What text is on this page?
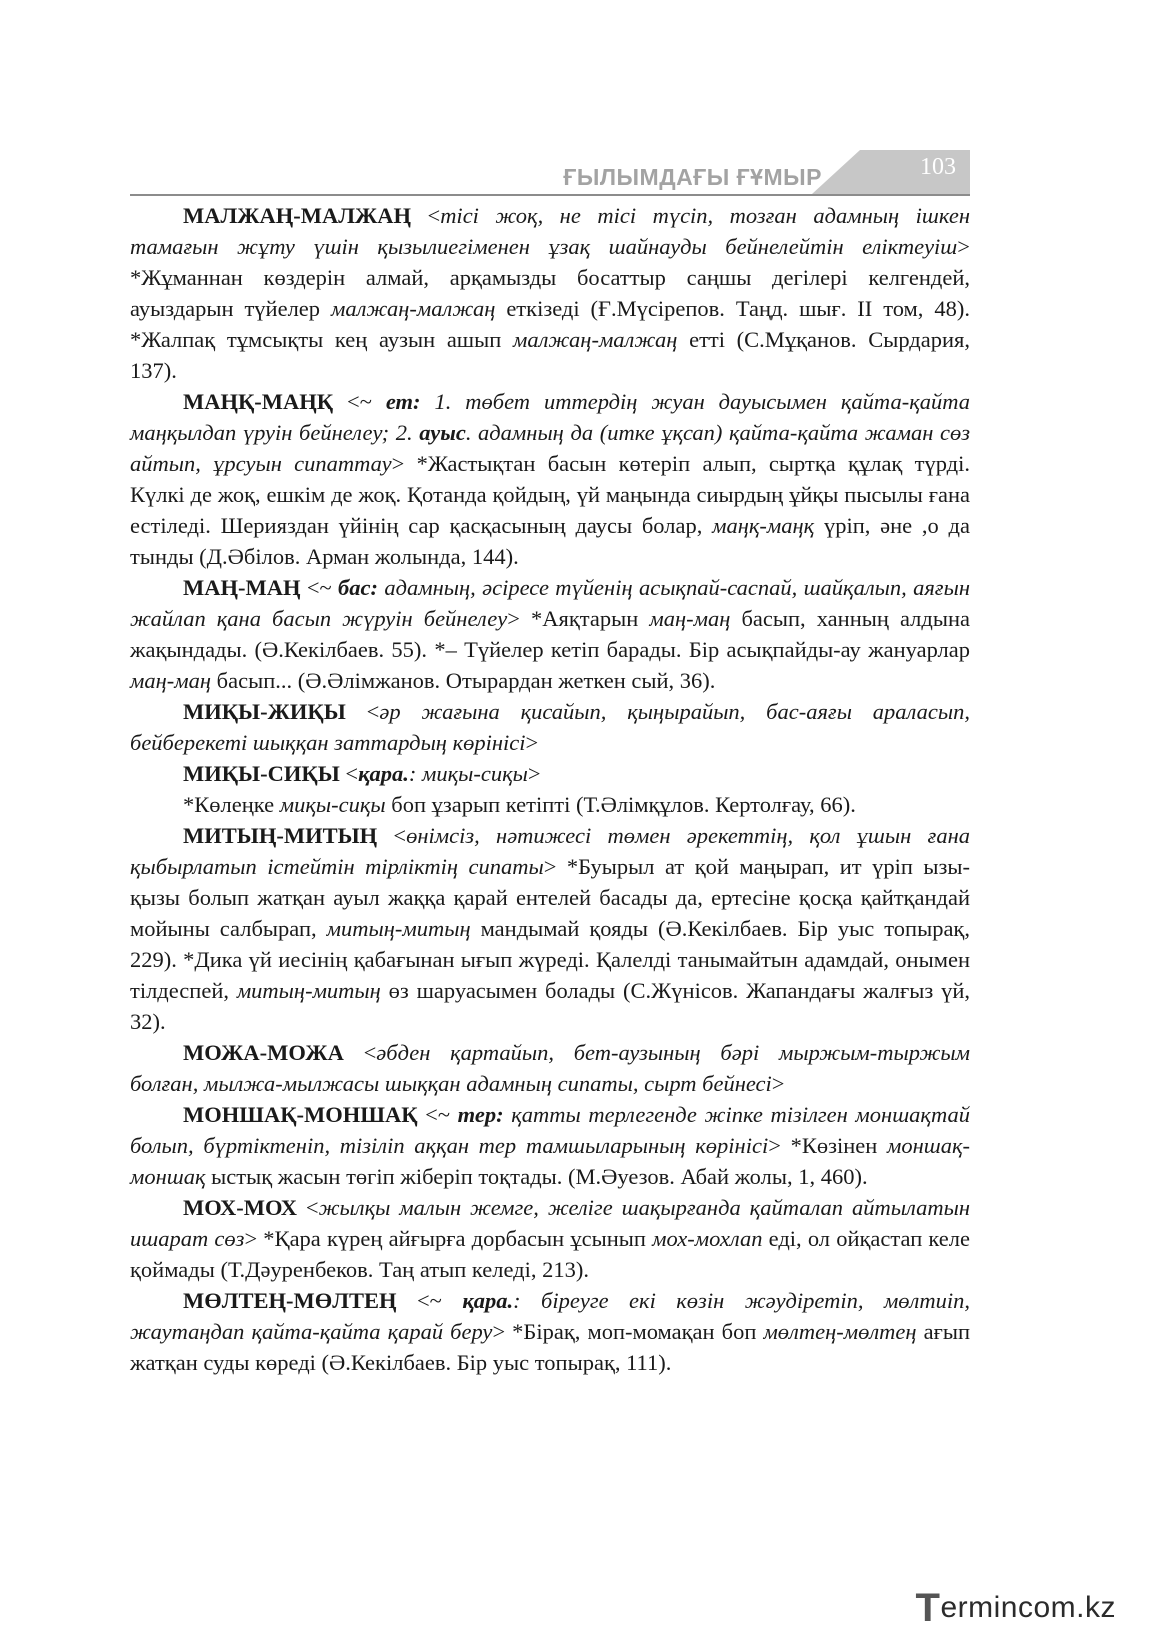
ҒЫЛЫМДАҒЫ ҒҰМЫР	103

МАЛЖАҢ-МАЛЖАҢ <тісі жоқ, не тісі түсіп, тозған адамның ішкен тамағын жұту үшін қызылиегіменен ұзақ шайнауды бейнелейтін еліктеуіш> *Жұманнан көздерін алмай, арқамызды босаттыр саңшы дегілері келгендей, ауыздарын түйелер малжаң-малжаң еткізеді (Ғ.Мүсірепов. Таңд. шығ. ІІ том, 48). *Жалпақ тұмсықты кең аузын ашып малжаң-малжаң етті (С.Мұқанов. Сырдария, 137).

МАҢҚ-МАҢҚ <~ ет: 1. төбет иттердің жуан дауысымен қайта-қайта маңқылдап үруін бейнелеу; 2. ауыс. адамның да (итке ұқсап) қайта-қайта жаман сөз айтып, ұрсуын сипаттау> *Жастықтан басын көтеріп алып, сыртқа құлақ түрді. Күлкі де жоқ, ешкім де жоқ. Қотанда қойдың, үй маңында сиырдың ұйқы пысылы ғана естіледі. Шерияздан үйінің сар қасқасының даусы болар, маңқ-маңқ үріп, әне ,о да тынды (Д.Әбілов. Арман жолында, 144).

МАҢ-МАҢ <~ бас: адамның, әсіресе түйенің асықпай-саспай, шайқалып, аяғын жайлап қана басып жүруін бейнелеу> *Аяқтарын маң-маң басып, ханның алдына жақындады. (Ә.Кекілбаев. 55). *– Түйелер кетіп барады. Бір асықпайды-ау жануарлар маң-маң басып... (Ә.Әлімжанов. Отырардан жеткен сый, 36).

МИҚЫ-ЖИҚЫ <әр жағына қисайып, қыңырайып, бас-аяғы араласып, бейберекеті шыққан заттардың көрінісі>

МИҚЫ-СИҚЫ <қара.: миқы-сиқы>

*Көлеңке миқы-сиқы боп ұзарып кетіпті (Т.Әлімқұлов. Кертолғау, 66).

МИТЫҢ-МИТЫҢ <өнімсіз, нәтижесі төмен әрекеттің, қол ұшын ғана қыбырлатып істейтін тірліктің сипаты> *Буырыл ат қой маңырап, ит үріп ызы-қызы болып жатқан ауыл жаққа қарай ентелей басады да, ертесіне қосқа қайтқандай мойыны салбырап, митың-митың мандымай қояды (Ә.Кекілбаев. Бір уыс топырақ, 229). *Дика үй иесінің қабағынан ығып жүреді. Қалелді танымайтын адамдай, онымен тілдеспей, митың-митың өз шаруасымен болады (С.Жүнісов. Жапандағы жалғыз үй, 32).

МОЖА-МОЖА <әбден қартайып, бет-аузының бәрі мыржым-тыржым болған, мылжа-мылжасы шыққан адамның сипаты, сырт бейнесі>

МОНШАҚ-МОНШАҚ <~ тер: қатты терлегенде жіпке тізілген моншақтай болып, бүртіктеніп, тізіліп аққан тер тамшыларының көрінісі> *Көзінен моншақ-моншақ ыстық жасын төгіп жіберіп тоқтады. (М.Әуезов. Абай жолы, 1, 460).

МОХ-МОХ <жылқы малын жемге, желіге шақырғанда қайталап айтылатын ишарат сөз> *Қара күрең айғырға дорбасын ұсынып мох-мохлап еді, ол ойқастап келе қоймады (Т.Дәуренбеков. Таң атып келеді, 213).

МӨЛТЕҢ-МӨЛТЕҢ <~ қара.: біреуге екі көзін жәудіретіп, мөлтиіп, жаутаңдап қайта-қайта қарай беру> *Бірақ, моп-момақан боп мөлтең-мөлтең ағып жатқан суды көреді (Ә.Кекілбаев. Бір уыс топырақ, 111).

Termincom.kz
